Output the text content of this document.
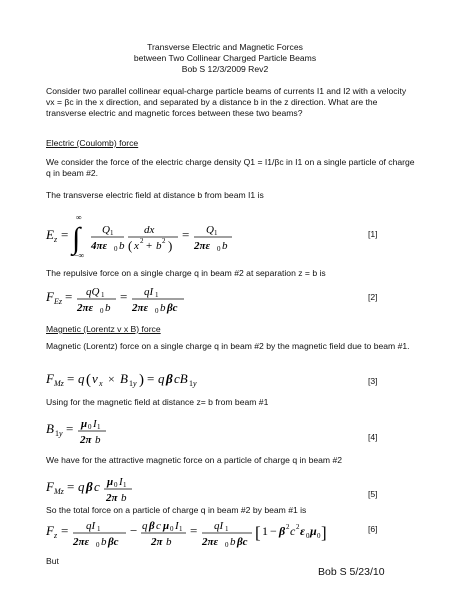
Transverse Electric and Magnetic Forces
between Two Collinear Charged Particle Beams
Bob S 12/3/2009 Rev2
Consider two parallel collinear equal-charge particle beams of currents I1 and I2 with a velocity vx = βc in the x direction, and separated by a distance b in the z direction. What are the transverse electric and magnetic forces between these two beams?
Electric (Coulomb) force
We consider the force of the electric charge density Q1 = I1/βc in I1 on a single particle of charge q in beam #2.
The transverse electric field at distance b from beam I1 is
E z = ∫
∞
−∞
Q 1
4πε 0 b
dx
( x 2 + b 2 )
= Q 1
2πε 0 b
[1]
The repulsive force on a single charge q in beam #2 at separation z = b is
F Ez = qQ 1
2πε 0 b
= qI 1
2πε 0 b βc
[2]
Magnetic (Lorentz v x B) force
Magnetic (Lorentz) force on a single charge q in beam #2 by the magnetic field due to beam #1.
F Mz = q ( v x × B 1 y ) = q β cB 1 y	[3]
Using for the magnetic field at distance z= b from beam #1
B 1 y = μ 0 I 1
2π b	[4]
We have for the attractive magnetic force on a particle of charge q in beam #2
F Mz = q β c μ 0 I 1
2π b	[5]
So the total force on a particle of charge q in beam #2 by beam #1 is
F z = qI 1
2πε 0 b βc
− q β c μ 0 I 1
2π b
= qI 1
2πε 0 b βc [ 1 − β 2 c 2 ε 0 μ 0 ]	[6]
But
Bob S 5/23/10
